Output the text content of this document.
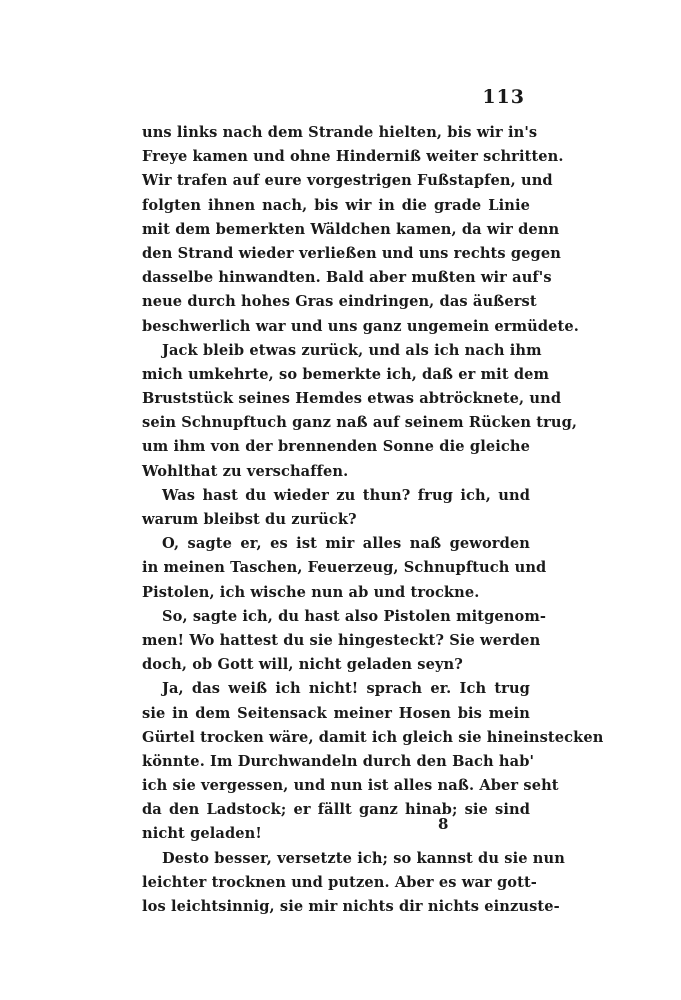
113
uns links nach dem Strande hielten, bis wir in's
Freye kamen und ohne Hinderniß weiter schritten.
Wir trafen auf eure vorgestrigen Fußstapfen, und
folgten ihnen nach, bis wir in die grade Linie
mit dem bemerkten Wäldchen kamen, da wir denn
den Strand wieder verließen und uns rechts gegen
dasselbe hinwandten. Bald aber mußten wir auf's
neue durch hohes Gras eindringen, das äußerst
beschwerlich war und uns ganz ungemein ermüdete.
Jack bleib etwas zurück, und als ich nach ihm
mich umkehrte, so bemerkte ich, daß er mit dem
Bruststück seines Hemdes etwas abtröcknete, und
sein Schnupftuch ganz naß auf seinem Rücken trug,
um ihm von der brennenden Sonne die gleiche
Wohlthat zu verschaffen.
Was hast du wieder zu thun? frug ich, und
warum bleibst du zurück?
O, sagte er, es ist mir alles naß geworden
in meinen Taschen, Feuerzeug, Schnupftuch und
Pistolen, ich wische nun ab und trockne.
So, sagte ich, du hast also Pistolen mitgenom-
men! Wo hattest du sie hingesteckt? Sie werden
doch, ob Gott will, nicht geladen seyn?
Ja, das weiß ich nicht! sprach er. Ich trug
sie in dem Seitensack meiner Hosen bis mein
Gürtel trocken wäre, damit ich gleich sie hineinstecken
könnte. Im Durchwandeln durch den Bach hab'
ich sie vergessen, und nun ist alles naß. Aber seht
da den Ladstock; er fällt ganz hinab; sie sind
nicht geladen!
Desto besser, versetzte ich; so kannst du sie nun
leichter trocknen und putzen. Aber es war gott-
los leichtsinnig, sie mir nichts dir nichts einzuste-
8
